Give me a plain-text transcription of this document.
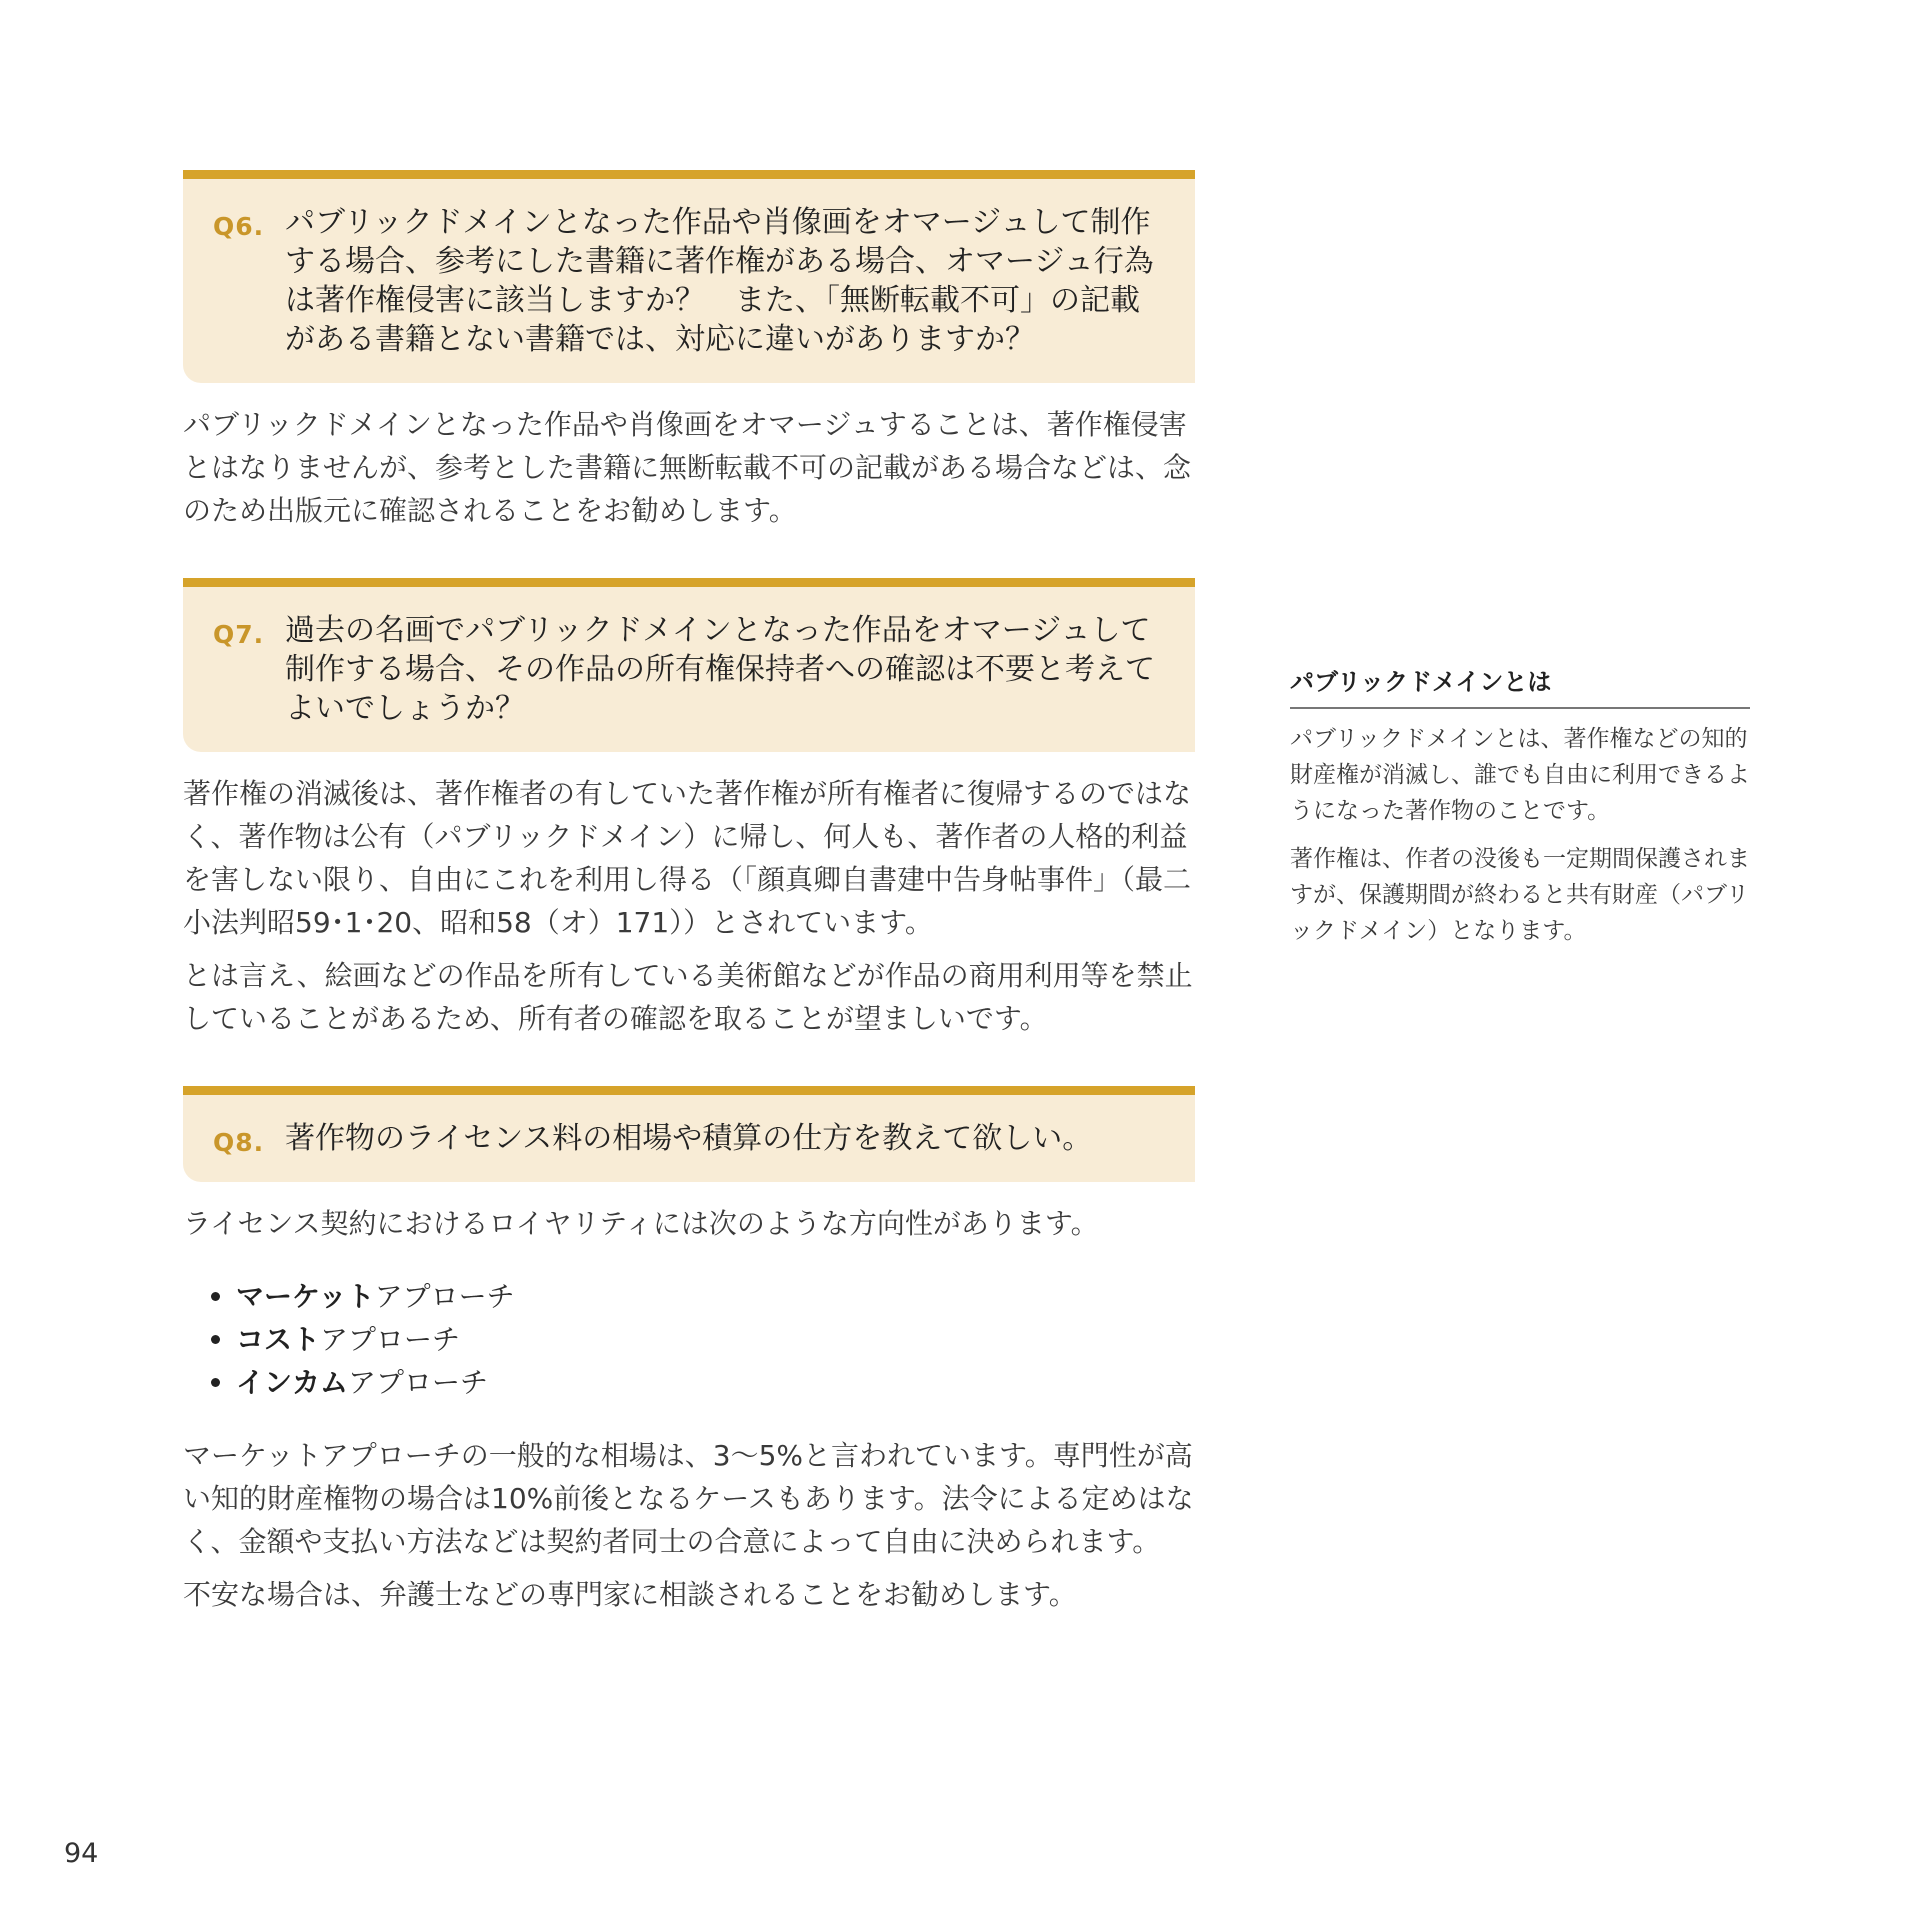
Q6. パブリックドメインとなった作品や肖像画をオマージュして制作する場合、参考にした書籍に著作権がある場合、オマージュ行為は著作権侵害に該当しますか？　また、「無断転載不可」の記載がある書籍とない書籍では、対応に違いがありますか？

パブリックドメインとなった作品や肖像画をオマージュすることは、著作権侵害とはなりませんが、参考とした書籍に無断転載不可の記載がある場合などは、念のため出版元に確認されることをお勧めします。

Q7. 過去の名画でパブリックドメインとなった作品をオマージュして制作する場合、その作品の所有権保持者への確認は不要と考えてよいでしょうか？

著作権の消滅後は、著作権者の有していた著作権が所有権者に復帰するのではなく、著作物は公有（パブリックドメイン）に帰し、何人も、著作者の人格的利益を害しない限り、自由にこれを利用し得る（「顔真卿自書建中告身帖事件」（最二小法判昭59･1･20、昭和58（オ）171））とされています。

とは言え、絵画などの作品を所有している美術館などが作品の商用利用等を禁止していることがあるため、所有者の確認を取ることが望ましいです。

Q8. 著作物のライセンス料の相場や積算の仕方を教えて欲しい。

ライセンス契約におけるロイヤリティには次のような方向性があります。

マーケット アプローチ
コスト アプローチ
インカム アプローチ

マーケットアプローチの一般的な相場は、3〜5%と言われています。専門性が高い知的財産権物の場合は10%前後となるケースもあります。法令による定めはなく、金額や支払い方法などは契約者同士の合意によって自由に決められます。

不安な場合は、弁護士などの専門家に相談されることをお勧めします。

パブリックドメインとは

パブリックドメインとは、著作権などの知的財産権が消滅し、誰でも自由に利用できるようになった著作物のことです。

著作権は、作者の没後も一定期間保護されますが、保護期間が終わると共有財産（パブリックドメイン）となります。

94
